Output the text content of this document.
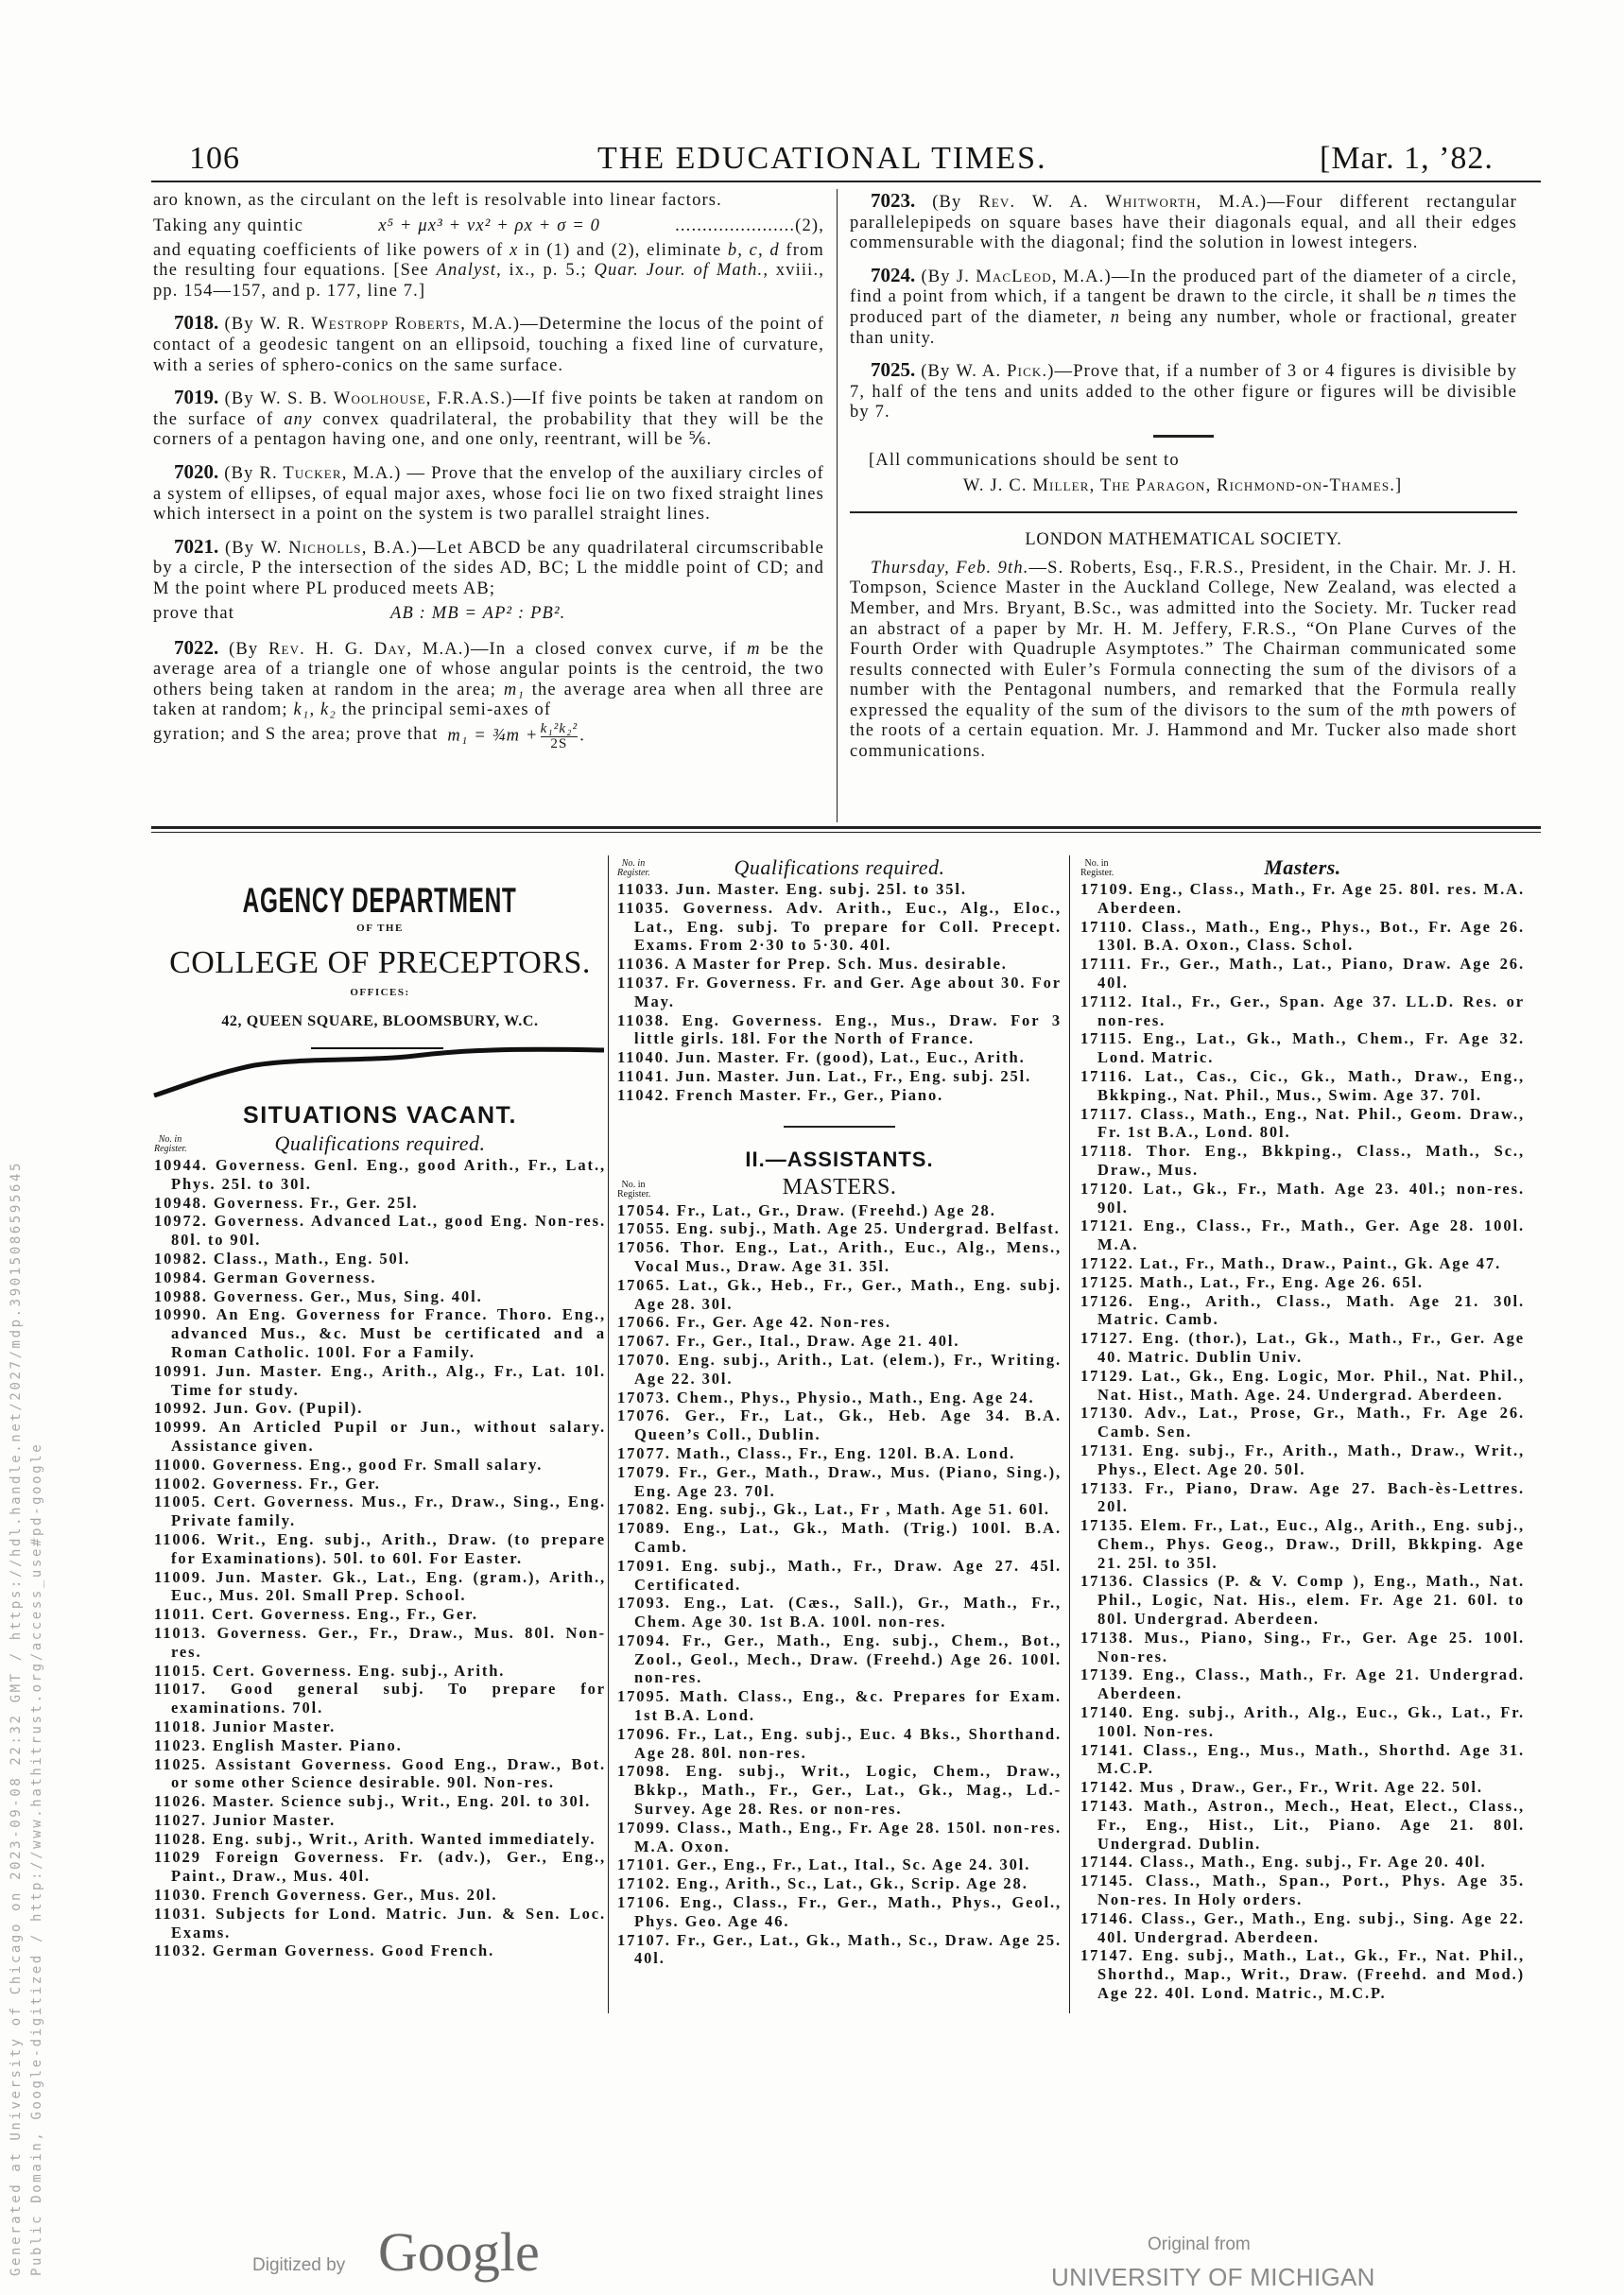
106	THE EDUCATIONAL TIMES.	[Mar. 1, ’82.

aro known, as the circulant on the left is resolvable into linear factors.

Taking any quintic	x⁵ + μx³ + νx² + ρx + σ = 0	......................(2),

and equating coefficients of like powers of x in (1) and (2), eliminate b, c, d from the resulting four equations. [See Analyst, ix., p. 5.; Quar. Jour. of Math., xviii., pp. 154—157, and p. 177, line 7.]

7018. (By W. R. Westropp Roberts, M.A.)—Determine the locus of the point of contact of a geodesic tangent on an ellipsoid, touching a fixed line of curvature, with a series of sphero-conics on the same surface.

7019. (By W. S. B. Woolhouse, F.R.A.S.)—If five points be taken at random on the surface of any convex quadrilateral, the probability that they will be the corners of a pentagon having one, and one only, reentrant, will be ⅚.

7020. (By R. Tucker, M.A.) — Prove that the envelop of the auxiliary circles of a system of ellipses, of equal major axes, whose foci lie on two fixed straight lines which intersect in a point on the system is two parallel straight lines.

7021. (By W. Nicholls, B.A.)—Let ABCD be any quadrilateral circumscribable by a circle, P the intersection of the sides AD, BC; L the middle point of CD; and M the point where PL produced meets AB;

prove that	AB : MB = AP² : PB².

7022. (By Rev. H. G. Day, M.A.)—In a closed convex curve, if m be the average area of a triangle one of whose angular points is the centroid, the two others being taken at random in the area; m₁ the average area when all three are taken at random; k₁, k₂ the principal semi-axes of

gyration; and S the area; prove that m₁ = ¾m + $\frac{\text{k₁²k₂²}}{2S}$ .

7023. (By Rev. W. A. Whitworth, M.A.)—Four different rectangular parallelepipeds on square bases have their diagonals equal, and all their edges commensurable with the diagonal; find the solution in lowest integers.

7024. (By J. MacLeod, M.A.)—In the produced part of the diameter of a circle, find a point from which, if a tangent be drawn to the circle, it shall be n times the produced part of the diameter, n being any number, whole or fractional, greater than unity.

7025. (By W. A. Pick.)—Prove that, if a number of 3 or 4 figures is divisible by 7, half of the tens and units added to the other figure or figures will be divisible by 7.

[All communications should be sent to
W. J. C. Miller, The Paragon, Richmond-on-Thames.]
LONDON MATHEMATICAL SOCIETY.

Thursday, Feb. 9th.—S. Roberts, Esq., F.R.S., President, in the Chair. Mr. J. H. Tompson, Science Master in the Auckland College, New Zealand, was elected a Member, and Mrs. Bryant, B.Sc., was admitted into the Society. Mr. Tucker read an abstract of a paper by Mr. H. M. Jeffery, F.R.S., “On Plane Curves of the Fourth Order with Quadruple Asymptotes.” The Chairman communicated some results connected with Euler’s Formula connecting the sum of the divisors of a number with the Pentagonal numbers, and remarked that the Formula really expressed the equality of the sum of the divisors to the sum of the mth powers of the roots of a certain equation. Mr. J. Hammond and Mr. Tucker also made short communications.

AGENCY DEPARTMENT
OF THE
COLLEGE OF PRECEPTORS.
OFFICES:
42, QUEEN SQUARE, BLOOMSBURY, W.C.
SITUATIONS VACANT.
No. in Register.	Qualifications required.
10944. Governess. Genl. Eng., good Arith., Fr., Lat., Phys. 25l. to 30l.
10948. Governess. Fr., Ger. 25l.
10972. Governess. Advanced Lat., good Eng. Non-res. 80l. to 90l.
10982. Class., Math., Eng. 50l.
10984. German Governess.
10988. Governess. Ger., Mus, Sing. 40l.
10990. An Eng. Governess for France. Thoro. Eng., advanced Mus., &c. Must be certificated and a Roman Catholic. 100l. For a Family.
10991. Jun. Master. Eng., Arith., Alg., Fr., Lat. 10l. Time for study.
10992. Jun. Gov. (Pupil).
10999. An Articled Pupil or Jun., without salary. Assistance given.
11000. Governess. Eng., good Fr. Small salary.
11002. Governess. Fr., Ger.
11005. Cert. Governess. Mus., Fr., Draw., Sing., Eng. Private family.
11006. Writ., Eng. subj., Arith., Draw. (to prepare for Examinations). 50l. to 60l. For Easter.
11009. Jun. Master. Gk., Lat., Eng. (gram.), Arith., Euc., Mus. 20l. Small Prep. School.
11011. Cert. Governess. Eng., Fr., Ger.
11013. Governess. Ger., Fr., Draw., Mus. 80l. Non-res.
11015. Cert. Governess. Eng. subj., Arith.
11017. Good general subj. To prepare for examinations. 70l.
11018. Junior Master.
11023. English Master. Piano.
11025. Assistant Governess. Good Eng., Draw., Bot. or some other Science desirable. 90l. Non-res.
11026. Master. Science subj., Writ., Eng. 20l. to 30l.
11027. Junior Master.
11028. Eng. subj., Writ., Arith. Wanted immediately.
11029 Foreign Governess. Fr. (adv.), Ger., Eng., Paint., Draw., Mus. 40l.
11030. French Governess. Ger., Mus. 20l.
11031. Subjects for Lond. Matric. Jun. & Sen. Loc. Exams.
11032. German Governess. Good French.
No. in Register.	Qualifications required.
11033. Jun. Master. Eng. subj. 25l. to 35l.
11035. Governess. Adv. Arith., Euc., Alg., Eloc., Lat., Eng. subj. To prepare for Coll. Precept. Exams. From 2·30 to 5·30. 40l.
11036. A Master for Prep. Sch. Mus. desirable.
11037. Fr. Governess. Fr. and Ger. Age about 30. For May.
11038. Eng. Governess. Eng., Mus., Draw. For 3 little girls. 18l. For the North of France.
11040. Jun. Master. Fr. (good), Lat., Euc., Arith.
11041. Jun. Master. Jun. Lat., Fr., Eng. subj. 25l.
11042. French Master. Fr., Ger., Piano.
II.—ASSISTANTS.
No. in Register.	MASTERS.
17054. Fr., Lat., Gr., Draw. (Freehd.) Age 28.
17055. Eng. subj., Math. Age 25. Undergrad. Belfast.
17056. Thor. Eng., Lat., Arith., Euc., Alg., Mens., Vocal Mus., Draw. Age 31. 35l.
17065. Lat., Gk., Heb., Fr., Ger., Math., Eng. subj. Age 28. 30l.
17066. Fr., Ger. Age 42. Non-res.
17067. Fr., Ger., Ital., Draw. Age 21. 40l.
17070. Eng. subj., Arith., Lat. (elem.), Fr., Writing. Age 22. 30l.
17073. Chem., Phys., Physio., Math., Eng. Age 24.
17076. Ger., Fr., Lat., Gk., Heb. Age 34. B.A. Queen’s Coll., Dublin.
17077. Math., Class., Fr., Eng. 120l. B.A. Lond.
17079. Fr., Ger., Math., Draw., Mus. (Piano, Sing.), Eng. Age 23. 70l.
17082. Eng. subj., Gk., Lat., Fr , Math. Age 51. 60l.
17089. Eng., Lat., Gk., Math. (Trig.) 100l. B.A. Camb.
17091. Eng. subj., Math., Fr., Draw. Age 27. 45l. Certificated.
17093. Eng., Lat. (Cæs., Sall.), Gr., Math., Fr., Chem. Age 30. 1st B.A. 100l. non-res.
17094. Fr., Ger., Math., Eng. subj., Chem., Bot., Zool., Geol., Mech., Draw. (Freehd.) Age 26. 100l. non-res.
17095. Math. Class., Eng., &c. Prepares for Exam. 1st B.A. Lond.
17096. Fr., Lat., Eng. subj., Euc. 4 Bks., Shorthand. Age 28. 80l. non-res.
17098. Eng. subj., Writ., Logic, Chem., Draw., Bkkp., Math., Fr., Ger., Lat., Gk., Mag., Ld.-Survey. Age 28. Res. or non-res.
17099. Class., Math., Eng., Fr. Age 28. 150l. non-res. M.A. Oxon.
17101. Ger., Eng., Fr., Lat., Ital., Sc. Age 24. 30l.
17102. Eng., Arith., Sc., Lat., Gk., Scrip. Age 28.
17106. Eng., Class., Fr., Ger., Math., Phys., Geol., Phys. Geo. Age 46.
17107. Fr., Ger., Lat., Gk., Math., Sc., Draw. Age 25. 40l.
No. in Register.	Masters.
17109. Eng., Class., Math., Fr. Age 25. 80l. res. M.A. Aberdeen.
17110. Class., Math., Eng., Phys., Bot., Fr. Age 26. 130l. B.A. Oxon., Class. Schol.
17111. Fr., Ger., Math., Lat., Piano, Draw. Age 26. 40l.
17112. Ital., Fr., Ger., Span. Age 37. LL.D. Res. or non-res.
17115. Eng., Lat., Gk., Math., Chem., Fr. Age 32. Lond. Matric.
17116. Lat., Cas., Cic., Gk., Math., Draw., Eng., Bkkping., Nat. Phil., Mus., Swim. Age 37. 70l.
17117. Class., Math., Eng., Nat. Phil., Geom. Draw., Fr. 1st B.A., Lond. 80l.
17118. Thor. Eng., Bkkping., Class., Math., Sc., Draw., Mus.
17120. Lat., Gk., Fr., Math. Age 23. 40l.; non-res. 90l.
17121. Eng., Class., Fr., Math., Ger. Age 28. 100l. M.A.
17122. Lat., Fr., Math., Draw., Paint., Gk. Age 47.
17125. Math., Lat., Fr., Eng. Age 26. 65l.
17126. Eng., Arith., Class., Math. Age 21. 30l. Matric. Camb.
17127. Eng. (thor.), Lat., Gk., Math., Fr., Ger. Age 40. Matric. Dublin Univ.
17129. Lat., Gk., Eng. Logic, Mor. Phil., Nat. Phil., Nat. Hist., Math. Age. 24. Undergrad. Aberdeen.
17130. Adv., Lat., Prose, Gr., Math., Fr. Age 26. Camb. Sen.
17131. Eng. subj., Fr., Arith., Math., Draw., Writ., Phys., Elect. Age 20. 50l.
17133. Fr., Piano, Draw. Age 27. Bach-ès-Lettres. 20l.
17135. Elem. Fr., Lat., Euc., Alg., Arith., Eng. subj., Chem., Phys. Geog., Draw., Drill, Bkkping. Age 21. 25l. to 35l.
17136. Classics (P. & V. Comp ), Eng., Math., Nat. Phil., Logic, Nat. His., elem. Fr. Age 21. 60l. to 80l. Undergrad. Aberdeen.
17138. Mus., Piano, Sing., Fr., Ger. Age 25. 100l. Non-res.
17139. Eng., Class., Math., Fr. Age 21. Undergrad. Aberdeen.
17140. Eng. subj., Arith., Alg., Euc., Gk., Lat., Fr. 100l. Non-res.
17141. Class., Eng., Mus., Math., Shorthd. Age 31. M.C.P.
17142. Mus , Draw., Ger., Fr., Writ. Age 22. 50l.
17143. Math., Astron., Mech., Heat, Elect., Class., Fr., Eng., Hist., Lit., Piano. Age 21. 80l. Undergrad. Dublin.
17144. Class., Math., Eng. subj., Fr. Age 20. 40l.
17145. Class., Math., Span., Port., Phys. Age 35. Non-res. In Holy orders.
17146. Class., Ger., Math., Eng. subj., Sing. Age 22. 40l. Undergrad. Aberdeen.
17147. Eng. subj., Math., Lat., Gk., Fr., Nat. Phil., Shorthd., Map., Writ., Draw. (Freehd. and Mod.) Age 22. 40l. Lond. Matric., M.C.P.
Generated at University of Chicago on 2023-09-08 22:32 GMT / https://hdl.handle.net/2027/mdp.39015086595645 Public Domain, Google-digitized / http://www.hathitrust.org/access_use#pd-google	Digitized by Google	Original from
UNIVERSITY OF MICHIGAN
